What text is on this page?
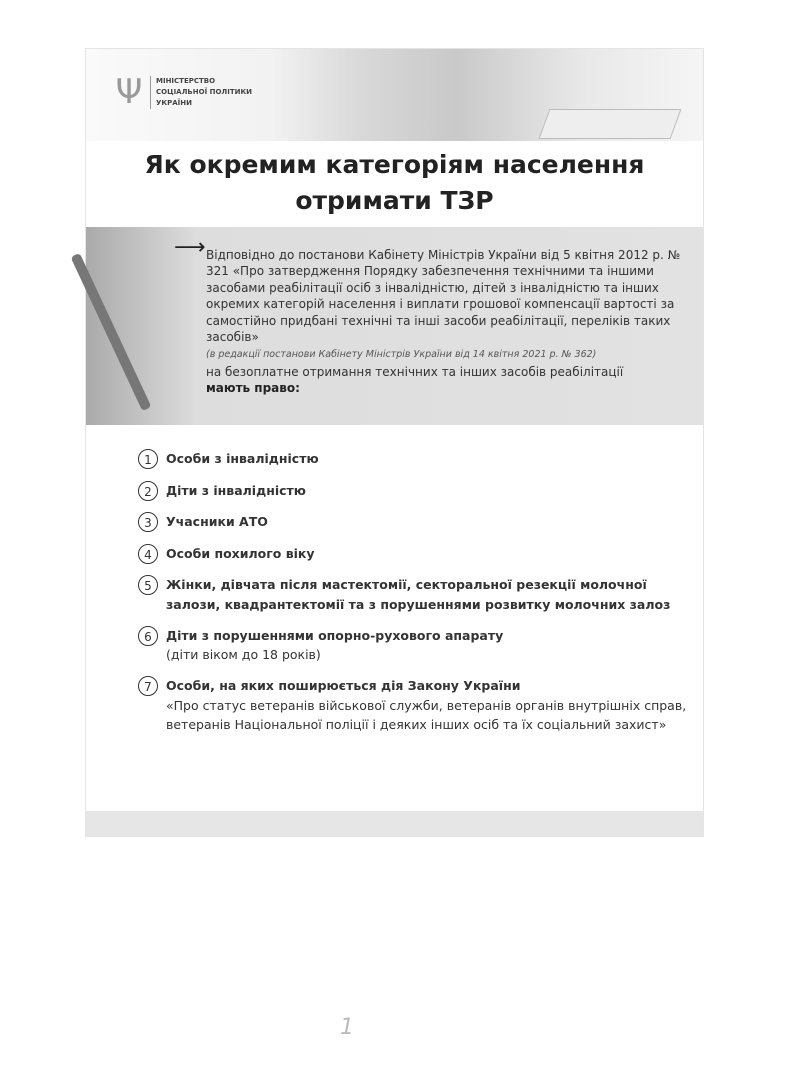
Ψ МІНІСТЕРСТВО
СОЦІАЛЬНОЇ ПОЛІТИКИ
УКРАЇНИ
Як окремим категоріям населення
отримати ТЗР
⟶ Відповідно до постанови Кабінету Міністрів України від 5 квітня 2012 р. № 321 «Про затвердження Порядку забезпечення технічними та іншими засобами реабілітації осіб з інвалідністю, дітей з інвалідністю та інших окремих категорій населення і виплати грошової компенсації вартості за самостійно придбані технічні та інші засоби реабілітації, переліків таких засобів»
(в редакції постанови Кабінету Міністрів України від 14 квітня 2021 р. № 362)
на безоплатне отримання технічних та інших засобів реабілітації
мають право:
1	Особи з інвалідністю
2	Діти з інвалідністю
3	Учасники АТО
4	Особи похилого віку
5	Жінки, дівчата після мастектомії, секторальної резекції молочної залози, квадрантектомії та з порушеннями розвитку молочних залоз
6	Діти з порушеннями опорно-рухового апарату
(діти віком до 18 років)
7	Особи, на яких поширюється дія Закону України
«Про статус ветеранів військової служби, ветеранів органів внутрішніх справ, ветеранів Національної поліції і деяких інших осіб та їх соціальний захист»
1
